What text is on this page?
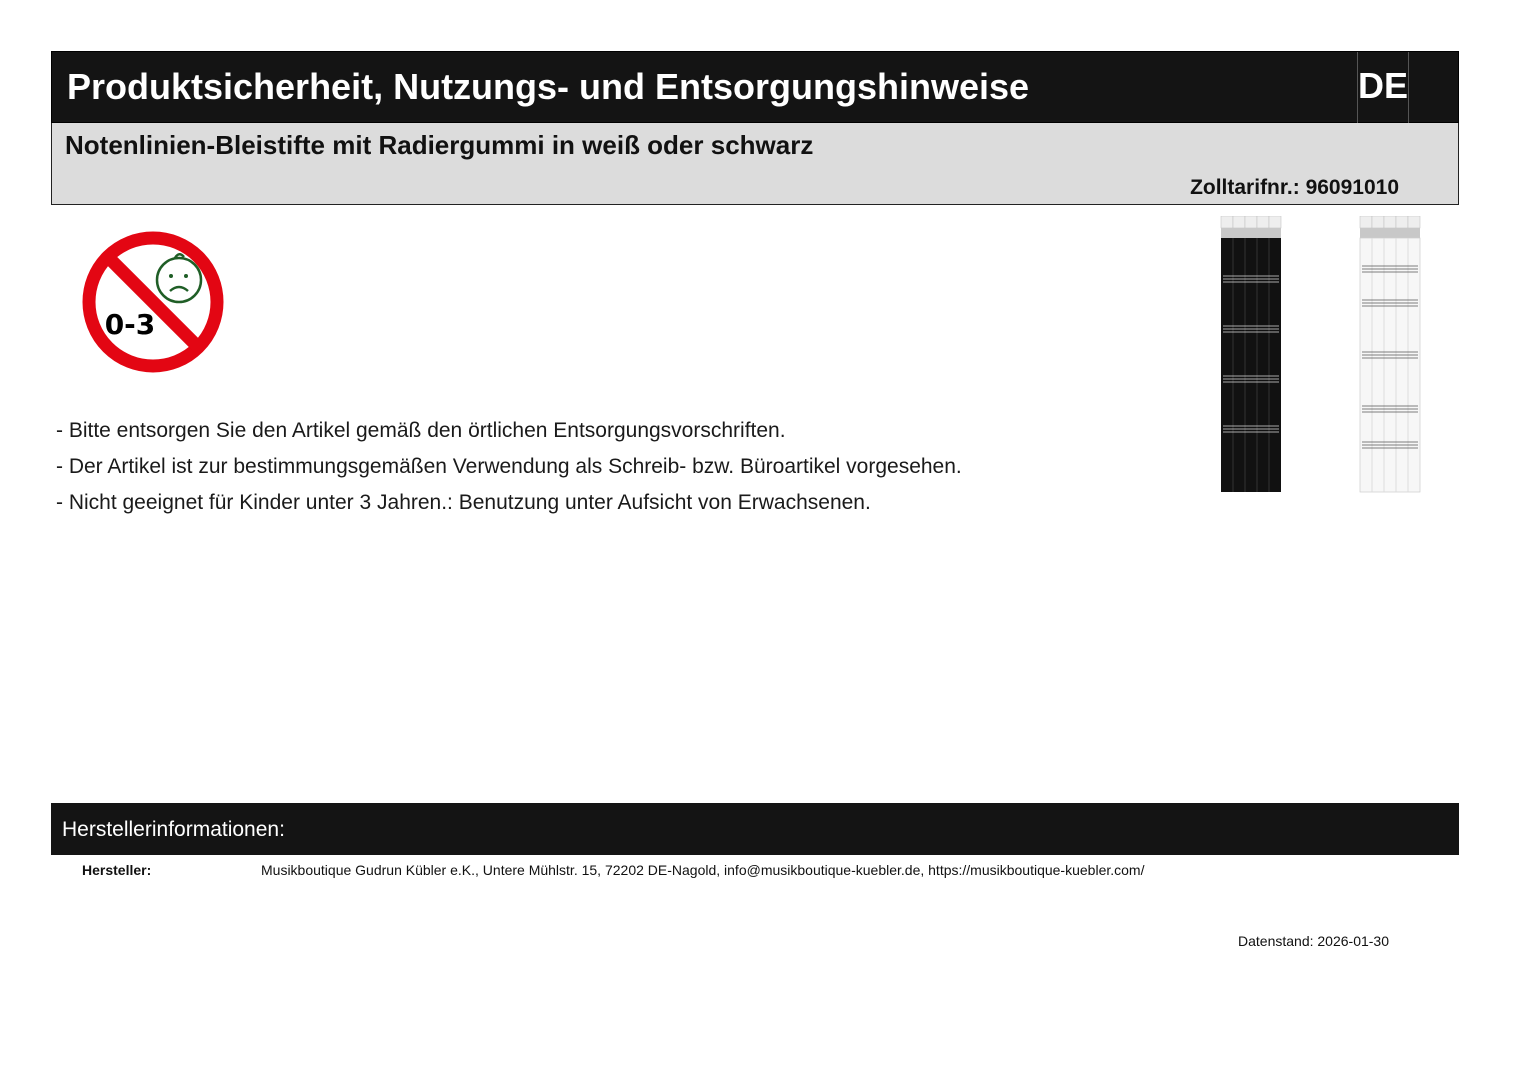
Produktsicherheit, Nutzungs- und Entsorgungshinweise	DE
Notenlinien-Bleistifte mit Radiergummi in weiß oder schwarz
Zolltarifnr.: 96091010
0-3
- Bitte entsorgen Sie den Artikel gemäß den örtlichen Entsorgungsvorschriften.
- Der Artikel ist zur bestimmungsgemäßen Verwendung als Schreib- bzw. Büroartikel vorgesehen.
- Nicht geeignet für Kinder unter 3 Jahren.: Benutzung unter Aufsicht von Erwachsenen.
Herstellerinformationen:
Hersteller:	Musikboutique Gudrun Kübler e.K., Untere Mühlstr. 15, 72202 DE-Nagold, info@musikboutique-kuebler.de, https://musikboutique-kuebler.com/
Datenstand: 2026-01-30
